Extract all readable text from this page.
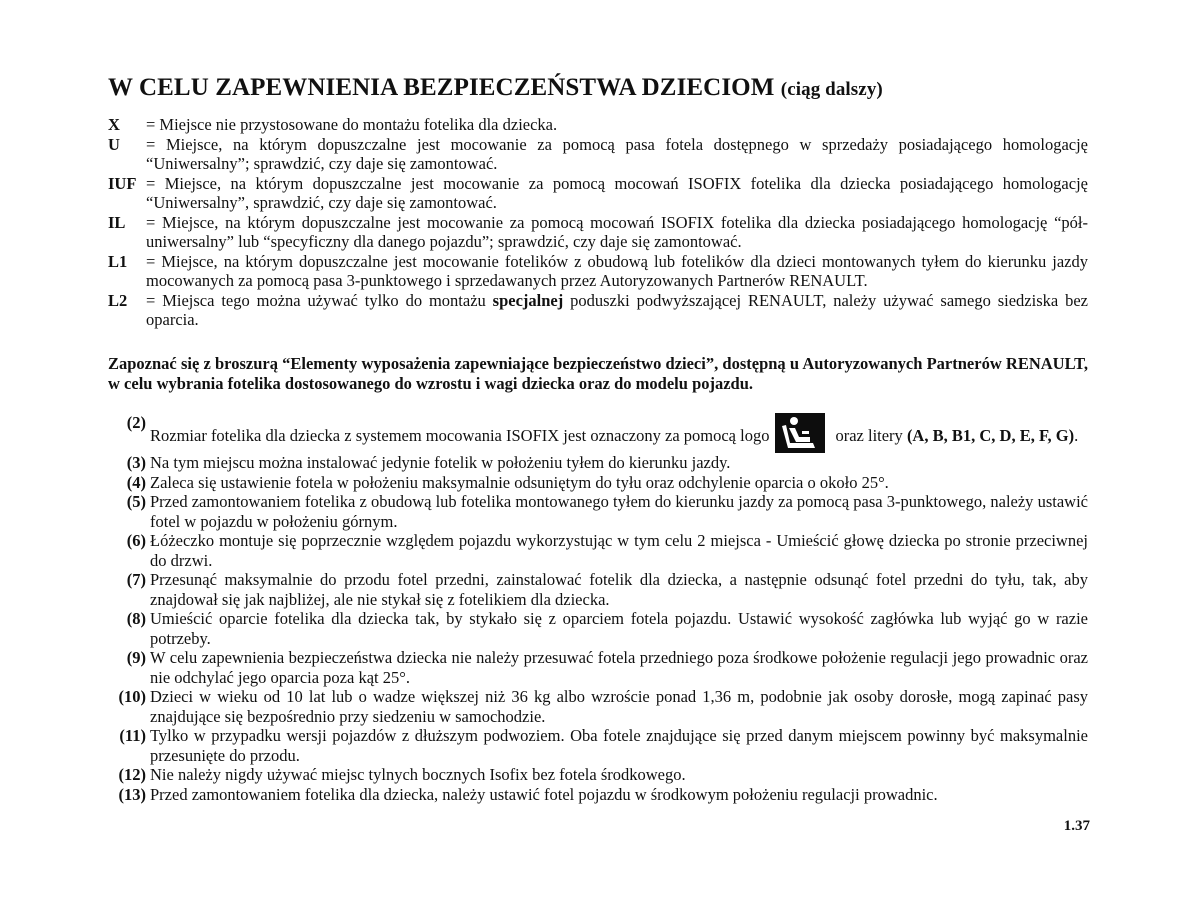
W CELU ZAPEWNIENIA BEZPIECZEŃSTWA DZIECIOM (ciąg dalszy)
X	= Miejsce nie przystosowane do montażu fotelika dla dziecka.
U	= Miejsce, na którym dopuszczalne jest mocowanie za pomocą pasa fotela dostępnego w sprzedaży posiadającego homologację “Uniwersalny”; sprawdzić, czy daje się zamontować.
IUF = Miejsce, na którym dopuszczalne jest mocowanie za pomocą mocowań ISOFIX fotelika dla dziecka posiadającego homologację “Uniwersalny”, sprawdzić, czy daje się zamontować.
IL	= Miejsce, na którym dopuszczalne jest mocowanie za pomocą mocowań ISOFIX fotelika dla dziecka posiadającego homologację “pół-uniwersalny” lub “specyficzny dla danego pojazdu”; sprawdzić, czy daje się zamontować.
L1	= Miejsce, na którym dopuszczalne jest mocowanie fotelików z obudową lub fotelików dla dzieci montowanych tyłem do kierunku jazdy mocowanych za pomocą pasa 3-punktowego i sprzedawanych przez Autoryzowanych Partnerów RENAULT.
L2	= Miejsca tego można używać tylko do montażu specjalnej poduszki podwyższającej RENAULT, należy używać samego siedziska bez oparcia.
Zapoznać się z broszurą “Elementy wyposażenia zapewniające bezpieczeństwo dzieci”, dostępną u Autoryzowanych Partnerów RENAULT, w celu wybrania fotelika dostosowanego do wzrostu i wagi dziecka oraz do modelu pojazdu.
(2)
Rozmiar fotelika dla dziecka z systemem mocowania ISOFIX jest oznaczony za pomocą logo	oraz litery (A, B, B1, C, D, E, F, G).
(3) Na tym miejscu można instalować jedynie fotelik w położeniu tyłem do kierunku jazdy.
(4) Zaleca się ustawienie fotela w położeniu maksymalnie odsuniętym do tyłu oraz odchylenie oparcia o około 25°.
(5) Przed zamontowaniem fotelika z obudową lub fotelika montowanego tyłem do kierunku jazdy za pomocą pasa 3-punktowego, należy ustawić fotel w pojazdu w położeniu górnym.
(6) Łóżeczko montuje się poprzecznie względem pojazdu wykorzystując w tym celu 2 miejsca - Umieścić głowę dziecka po stronie przeciwnej do drzwi.
(7) Przesunąć maksymalnie do przodu fotel przedni, zainstalować fotelik dla dziecka, a następnie odsunąć fotel przedni do tyłu, tak, aby znajdował się jak najbliżej, ale nie stykał się z fotelikiem dla dziecka.
(8) Umieścić oparcie fotelika dla dziecka tak, by stykało się z oparciem fotela pojazdu. Ustawić wysokość zagłówka lub wyjąć go w razie potrzeby.
(9) W celu zapewnienia bezpieczeństwa dziecka nie należy przesuwać fotela przedniego poza środkowe położenie regulacji jego prowadnic oraz nie odchylać jego oparcia poza kąt 25°.
(10) Dzieci w wieku od 10 lat lub o wadze większej niż 36 kg albo wzroście ponad 1,36 m, podobnie jak osoby dorosłe, mogą zapinać pasy znajdujące się bezpośrednio przy siedzeniu w samochodzie.
(11) Tylko w przypadku wersji pojazdów z dłuższym podwoziem. Oba fotele znajdujące się przed danym miejscem powinny być maksymalnie przesunięte do przodu.
(12) Nie należy nigdy używać miejsc tylnych bocznych Isofix bez fotela środkowego.
(13) Przed zamontowaniem fotelika dla dziecka, należy ustawić fotel pojazdu w środkowym położeniu regulacji prowadnic.
1.37
